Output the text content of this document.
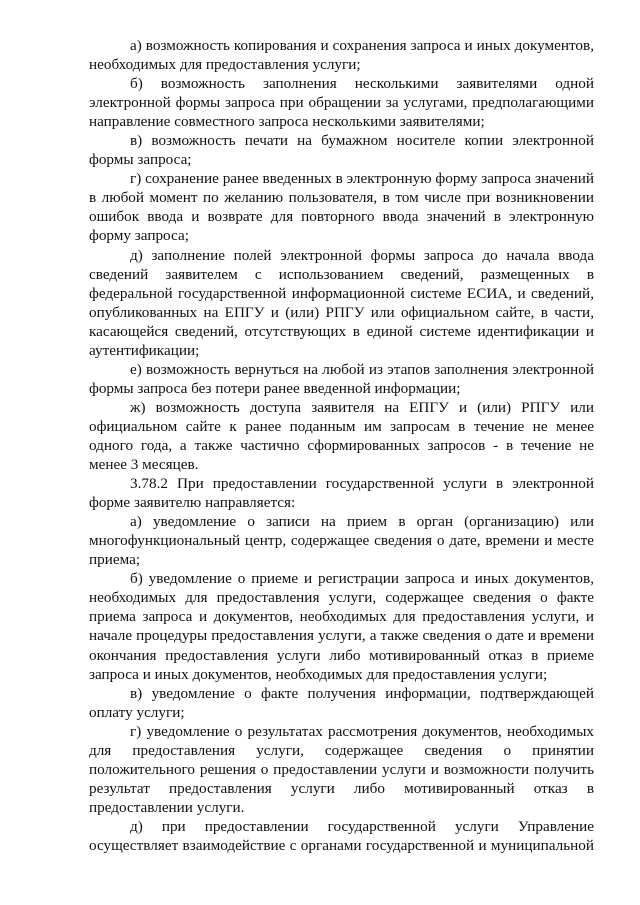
а) возможность копирования и сохранения запроса и иных документов, необходимых для предоставления услуги;

б) возможность заполнения несколькими заявителями одной электронной формы запроса при обращении за услугами, предполагающими направление совместного запроса несколькими заявителями;

в) возможность печати на бумажном носителе копии электронной формы запроса;

г) сохранение ранее введенных в электронную форму запроса значений в любой момент по желанию пользователя, в том числе при возникновении ошибок ввода и возврате для повторного ввода значений в электронную форму запроса;

д) заполнение полей электронной формы запроса до начала ввода сведений заявителем с использованием сведений, размещенных в федеральной государственной информационной системе ЕСИА, и сведений, опубликованных на ЕПГУ и (или) РПГУ или официальном сайте, в части, касающейся сведений, отсутствующих в единой системе идентификации и аутентификации;

е) возможность вернуться на любой из этапов заполнения электронной формы запроса без потери ранее введенной информации;

ж) возможность доступа заявителя на ЕПГУ и (или) РПГУ или официальном сайте к ранее поданным им запросам в течение не менее одного года, а также частично сформированных запросов - в течение не менее 3 месяцев.

3.78.2 При предоставлении государственной услуги в электронной форме заявителю направляется:

а) уведомление о записи на прием в орган (организацию) или многофункциональный центр, содержащее сведения о дате, времени и месте приема;

б) уведомление о приеме и регистрации запроса и иных документов, необходимых для предоставления услуги, содержащее сведения о факте приема запроса и документов, необходимых для предоставления услуги, и начале процедуры предоставления услуги, а также сведения о дате и времени окончания предоставления услуги либо мотивированный отказ в приеме запроса и иных документов, необходимых для предоставления услуги;

в) уведомление о факте получения информации, подтверждающей оплату услуги;

г) уведомление о результатах рассмотрения документов, необходимых для предоставления услуги, содержащее сведения о принятии положительного решения о предоставлении услуги и возможности получить результат предоставления услуги либо мотивированный отказ в предоставлении услуги.

д) при предоставлении государственной услуги Управление осуществляет взаимодействие с органами государственной и муниципальной
